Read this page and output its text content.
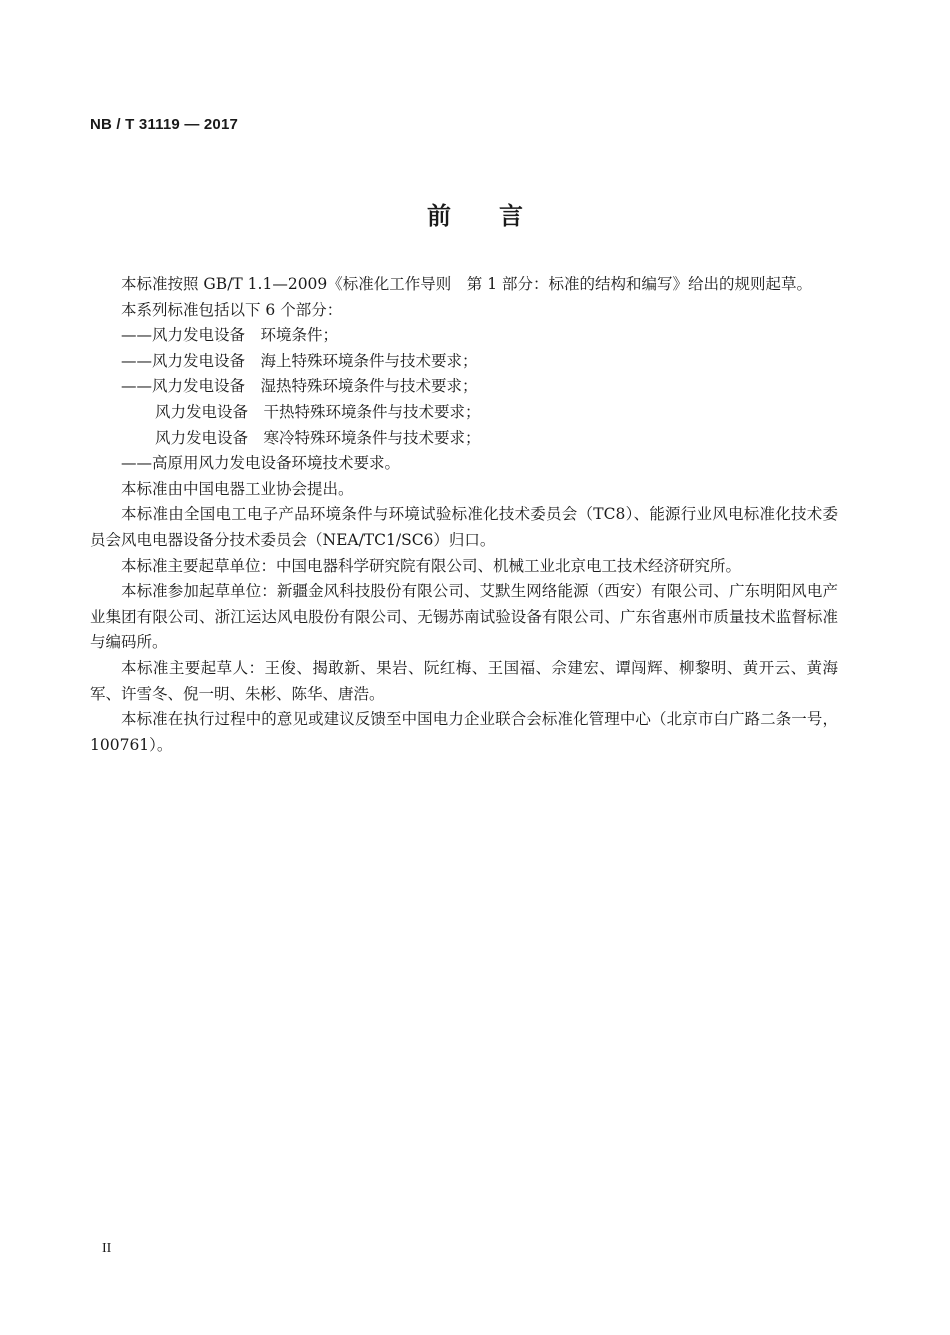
NB / T 31119 — 2017
前 言

本标准按照 GB/T 1.1—2009《标准化工作导则　第 1 部分：标准的结构和编写》给出的规则起草。

本系列标准包括以下 6 个部分：

——风力发电设备　环境条件；

——风力发电设备　海上特殊环境条件与技术要求；

——风力发电设备　湿热特殊环境条件与技术要求；

风力发电设备　干热特殊环境条件与技术要求；

风力发电设备　寒冷特殊环境条件与技术要求；

——高原用风力发电设备环境技术要求。

本标准由中国电器工业协会提出。

本标准由全国电工电子产品环境条件与环境试验标准化技术委员会（TC8）、能源行业风电标准化技术委员会风电电器设备分技术委员会（NEA/TC1/SC6）归口。

本标准主要起草单位：中国电器科学研究院有限公司、机械工业北京电工技术经济研究所。

本标准参加起草单位：新疆金风科技股份有限公司、艾默生网络能源（西安）有限公司、广东明阳风电产业集团有限公司、浙江运达风电股份有限公司、无锡苏南试验设备有限公司、广东省惠州市质量技术监督标准与编码所。

本标准主要起草人：王俊、揭敢新、果岩、阮红梅、王国福、佘建宏、谭闯辉、柳黎明、黄开云、黄海军、许雪冬、倪一明、朱彬、陈华、唐浩。

本标准在执行过程中的意见或建议反馈至中国电力企业联合会标准化管理中心（北京市白广路二条一号，100761）。

II
